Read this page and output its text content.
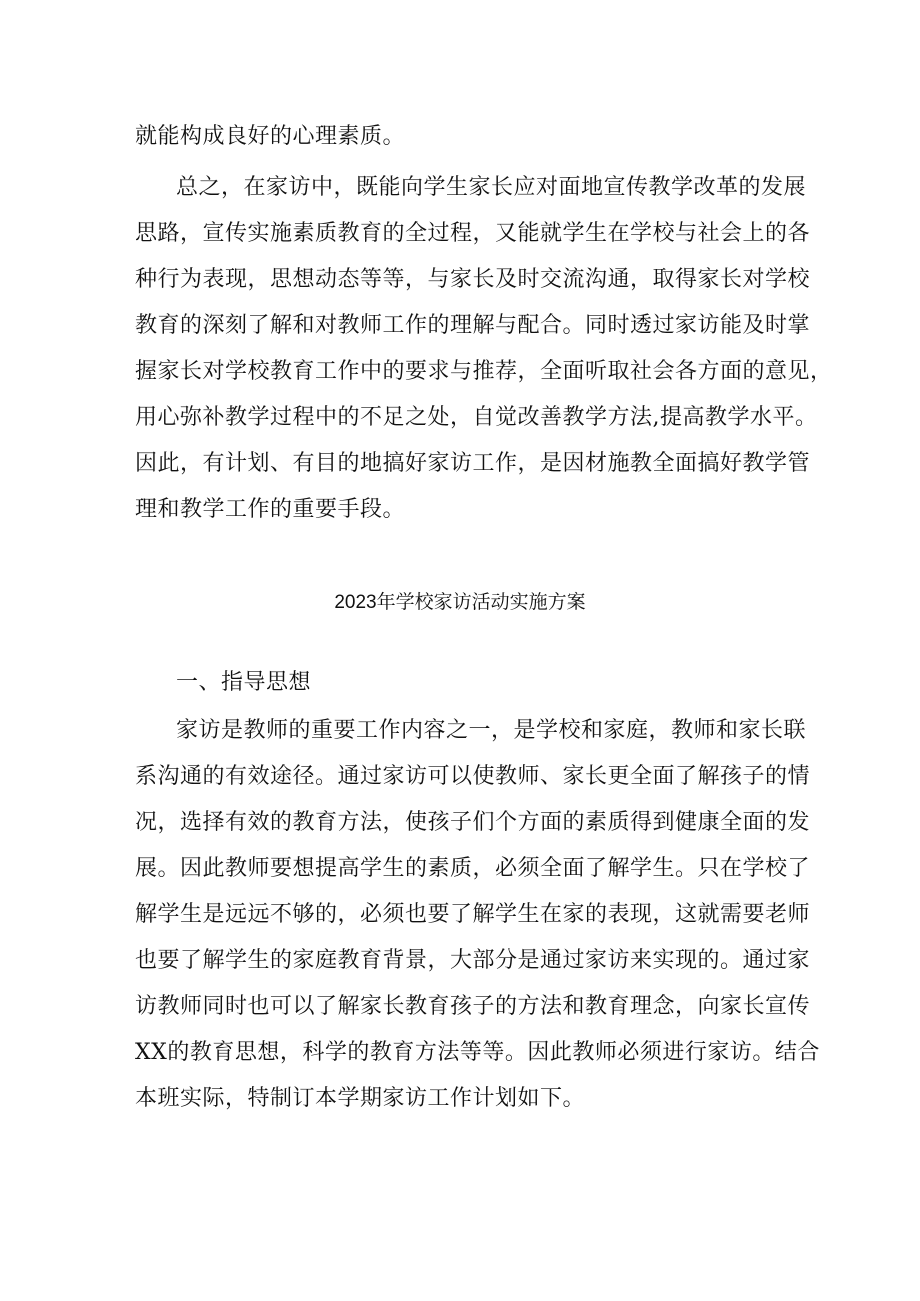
就能构成良好的心理素质。
总之，在家访中，既能向学生家长应对面地宣传教学改革的发展
思路，宣传实施素质教育的全过程，又能就学生在学校与社会上的各
种行为表现，思想动态等等，与家长及时交流沟通，取得家长对学校
教育的深刻了解和对教师工作的理解与配合。同时透过家访能及时掌
握家长对学校教育工作中的要求与推荐，全面听取社会各方面的意见，
用心弥补教学过程中的不足之处，自觉改善教学方法,提高教学水平。
因此，有计划、有目的地搞好家访工作，是因材施教全面搞好教学管
理和教学工作的重要手段。
2023年学校家访活动实施方案
一、指导思想
家访是教师的重要工作内容之一，是学校和家庭，教师和家长联
系沟通的有效途径。通过家访可以使教师、家长更全面了解孩子的情
况，选择有效的教育方法，使孩子们个方面的素质得到健康全面的发
展。因此教师要想提高学生的素质，必须全面了解学生。只在学校了
解学生是远远不够的，必须也要了解学生在家的表现，这就需要老师
也要了解学生的家庭教育背景，大部分是通过家访来实现的。通过家
访教师同时也可以了解家长教育孩子的方法和教育理念，向家长宣传
XX的教育思想，科学的教育方法等等。因此教师必须进行家访。结合
本班实际，特制订本学期家访工作计划如下。
